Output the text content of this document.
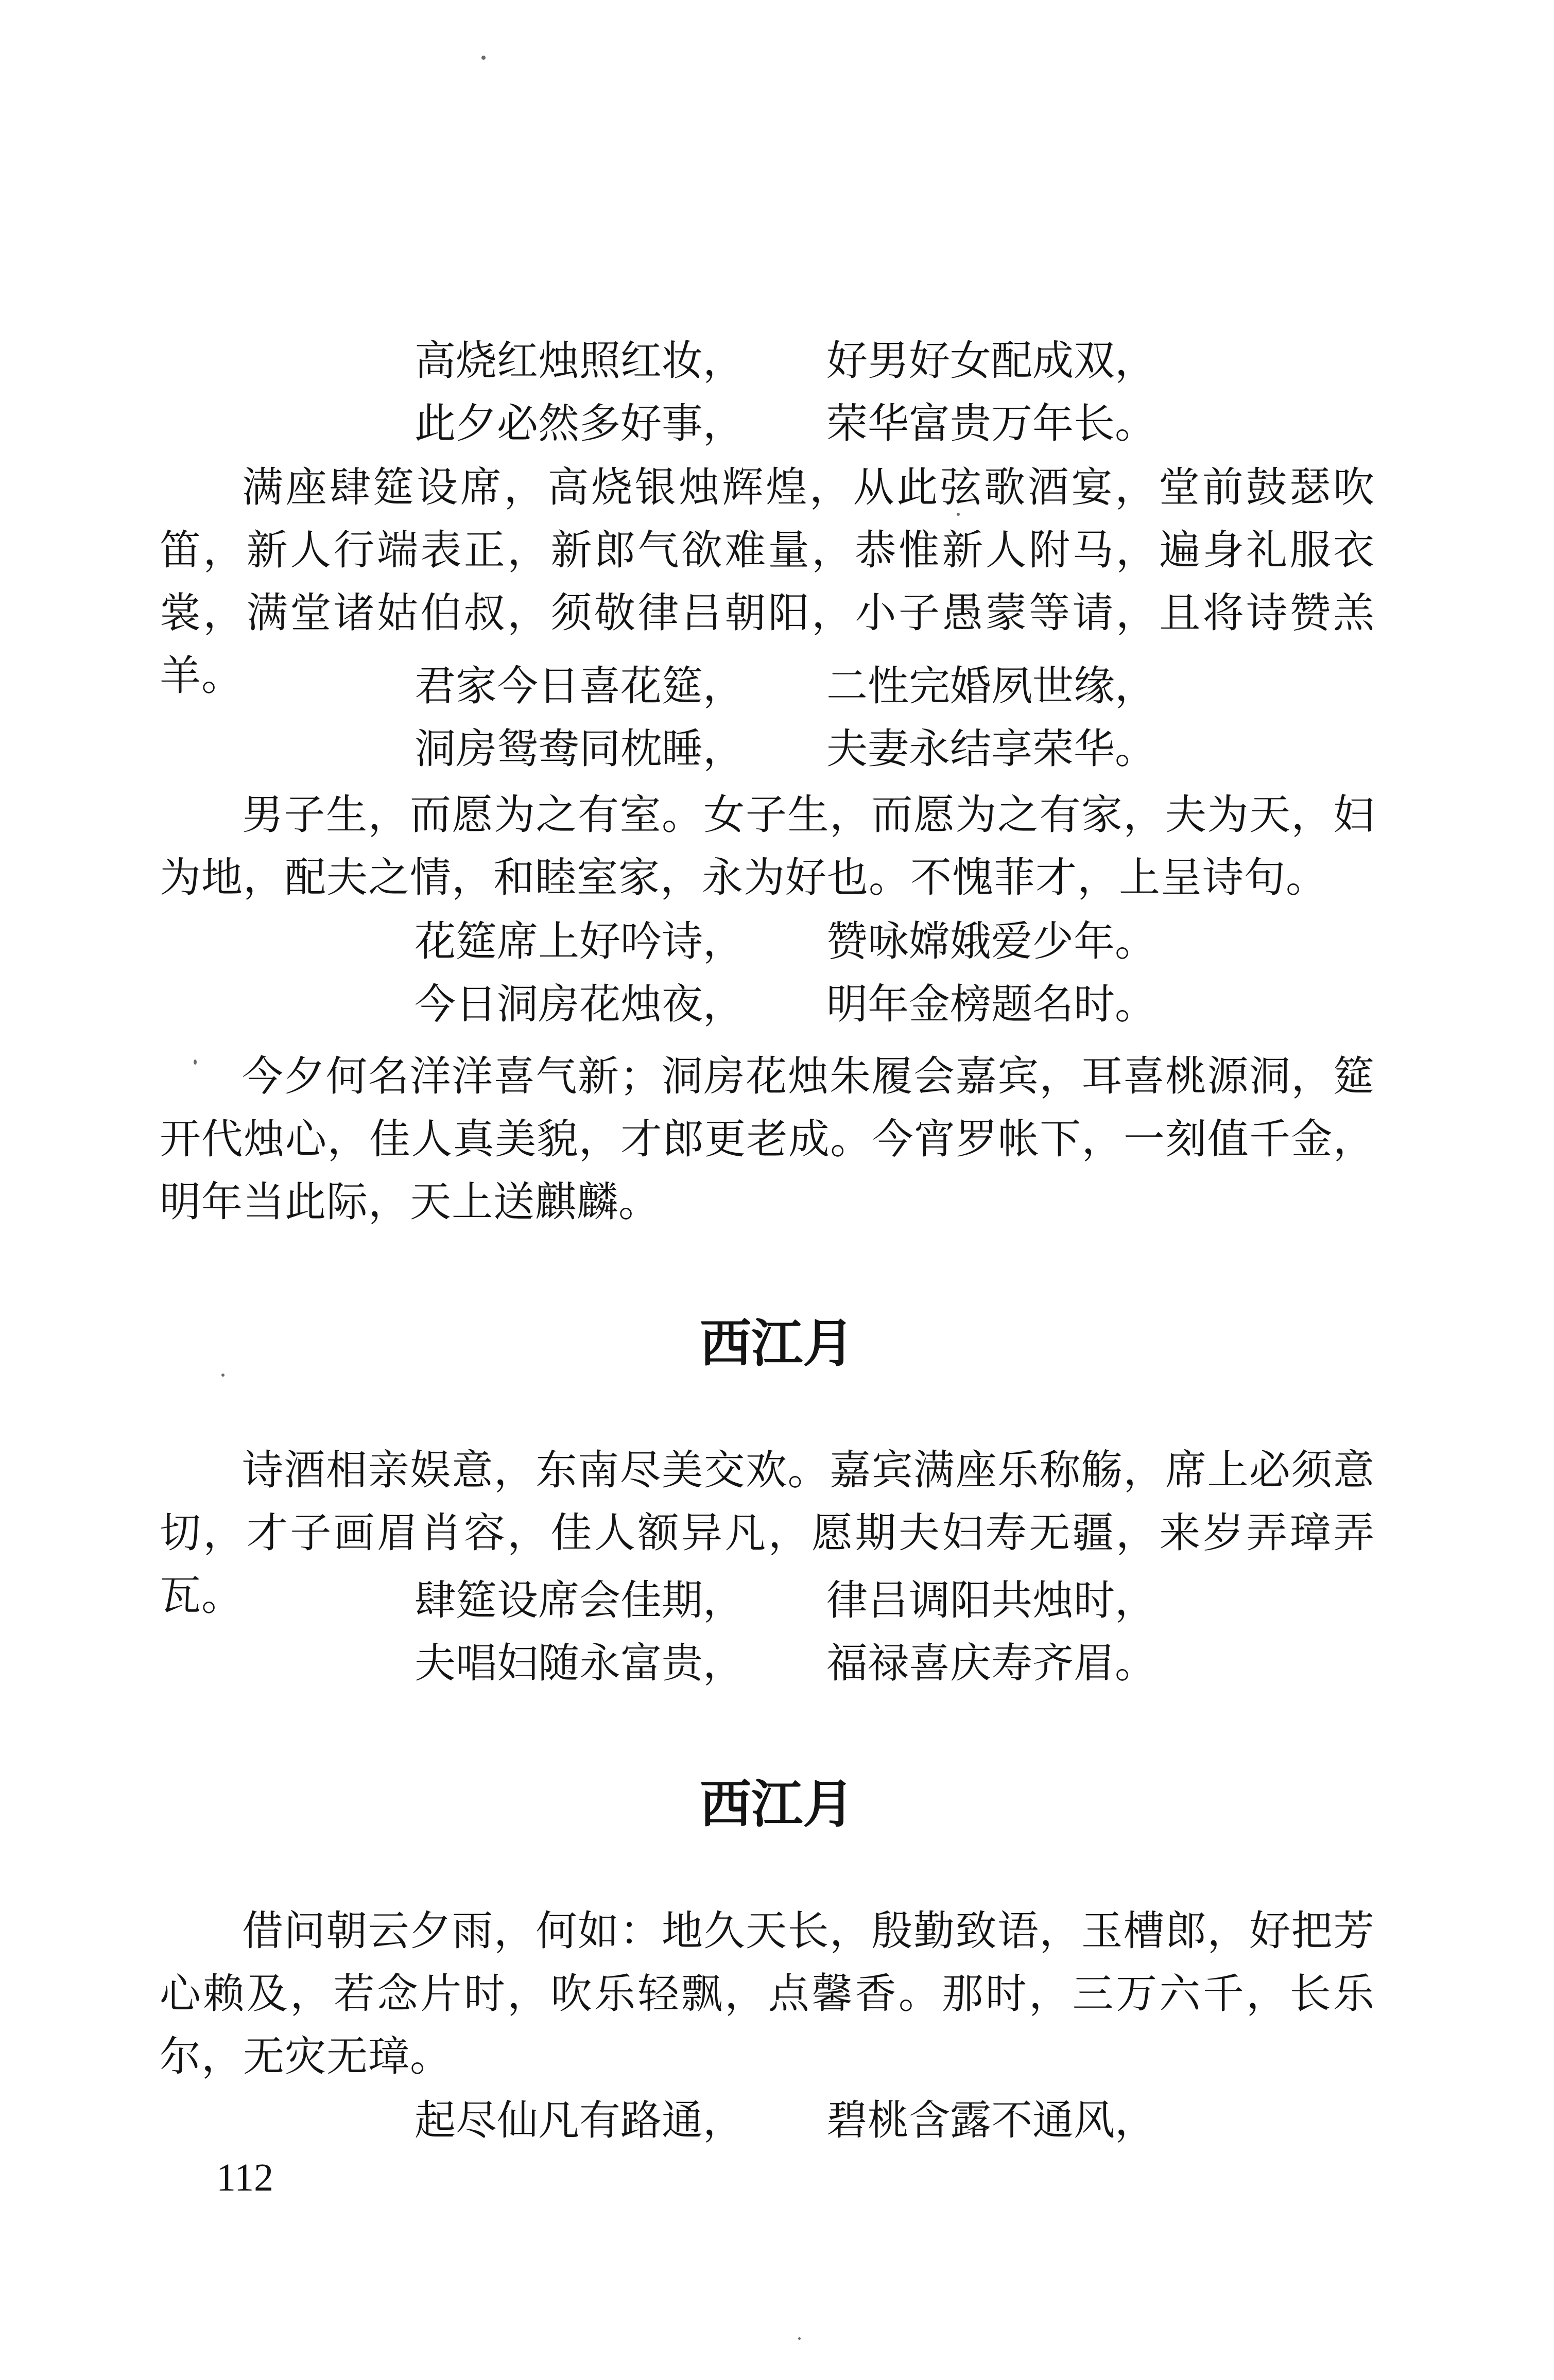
高烧红烛照红妆， 好男好女配成双，
此夕必然多好事， 荣华富贵万年长。

满座肆筵设席，高烧银烛辉煌，从此弦歌酒宴，堂前鼓瑟吹笛，新人行端表正，新郎气欲难量，恭惟新人附马，遍身礼服衣裳，满堂诸姑伯叔，须敬律吕朝阳，小子愚蒙等请，且将诗赞羔羊。	君家今日喜花筵， 二性完婚夙世缘，
洞房鸳鸯同枕睡， 夫妻永结享荣华。

男子生，而愿为之有室。女子生，而愿为之有家，夫为天，妇为地，配夫之情，和睦室家，永为好也。不愧菲才，上呈诗句。

花筵席上好吟诗， 赞咏嫦娥爱少年。
今日洞房花烛夜， 明年金榜题名时。

今夕何名洋洋喜气新；洞房花烛朱履会嘉宾，耳喜桃源洞，筵开代烛心，佳人真美貌，才郎更老成。今宵罗帐下，一刻值千金，明年当此际，天上送麒麟。

西江月

诗酒相亲娱意，东南尽美交欢。嘉宾满座乐称觞，席上必须意切，才子画眉肖容，佳人额异凡，愿期夫妇寿无疆，来岁弄璋弄瓦。	肆筵设席会佳期， 律吕调阳共烛时，
夫唱妇随永富贵， 福禄喜庆寿齐眉。
西江月

借问朝云夕雨，何如：地久天长，殷勤致语，玉槽郎，好把芳心赖及，若念片时，吹乐轻飘，点馨香。那时，三万六千，长乐尔，无灾无璋。

起尽仙凡有路通， 碧桃含露不通风，
112
